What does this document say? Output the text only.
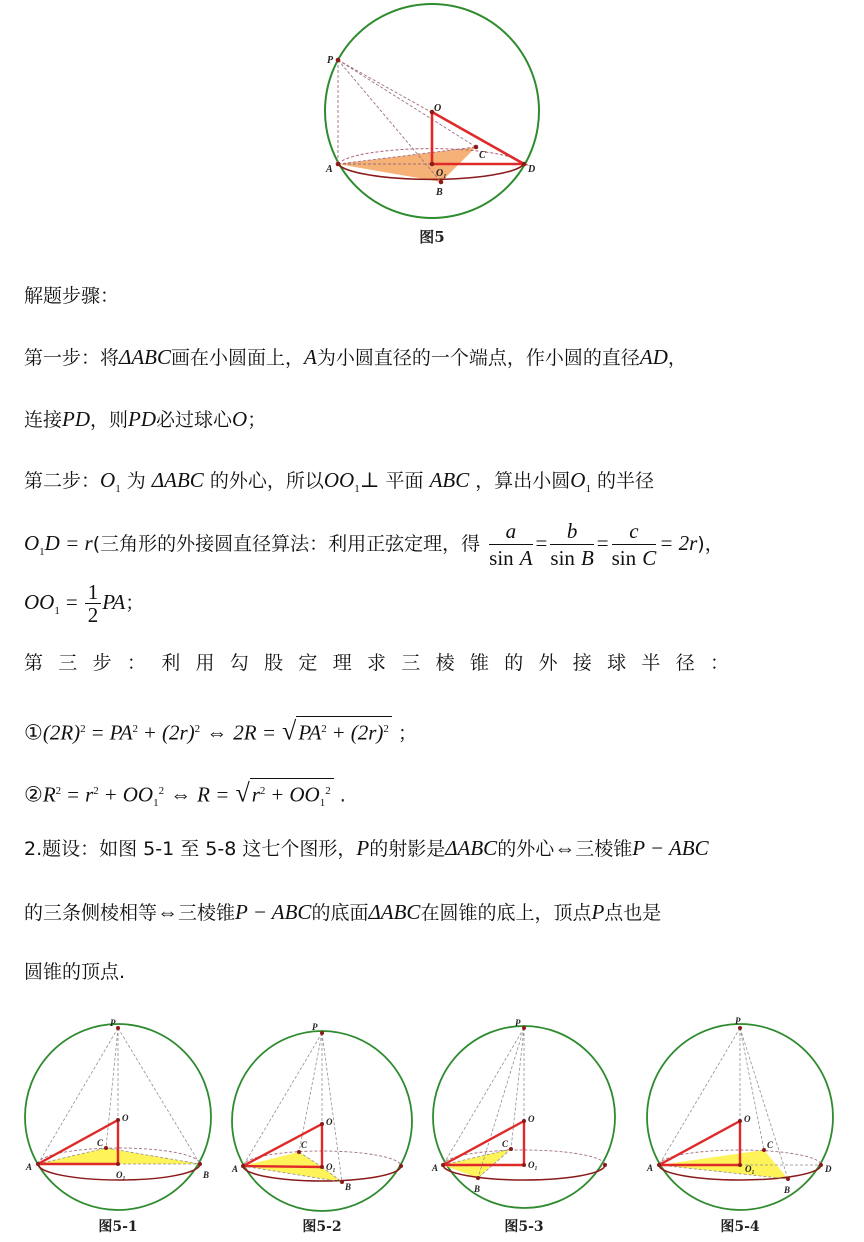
P
O
A	D
C
O₁
B
图5
解题步骤：
第一步：将ΔABC画在小圆面上，A为小圆直径的一个端点，作小圆的直径AD，
连接PD，则PD必过球心O；
第二步：$O_1$ 为 ΔABC 的外心，所以$OO_1\perp$ 平面 ABC ，算出小圆$O_1$ 的半径
$O_1D = r$(三角形的外接圆直径算法：利用正弦定理，得 $\frac{a}{\text{sin A}} = \frac{b}{\text{sin B}} = \frac{c}{\text{sin C}} = 2r$)，
$OO_1 = \frac{1}{2}$ PA；
第三步：利用勾股定理求三棱锥的外接球半径：
$①(2R)^2 = PA^2 + (2r)^2$ ⇔ $2R = √PA^2 + (2r)^2$ ；
$②R^2 = r^2 + OO_1^2$ ⇔ $R = √r^2 + OO_1^2$ .
2.题设：如图 5-1 至 5-8 这七个图形，P的射影是ΔABC的外心⇔三棱锥P − ABC
的三条侧棱相等⇔三棱锥P − ABC的底面ΔABC在圆锥的底上，顶点P点也是
圆锥的顶点.
P
O
C
A
O₁	B
P
O
C
A	O₁
B
P
O
C
A	O₁
B
P
O
C
A	O₁
B
D
图5-1	图5-2	图5-3	图5-4
